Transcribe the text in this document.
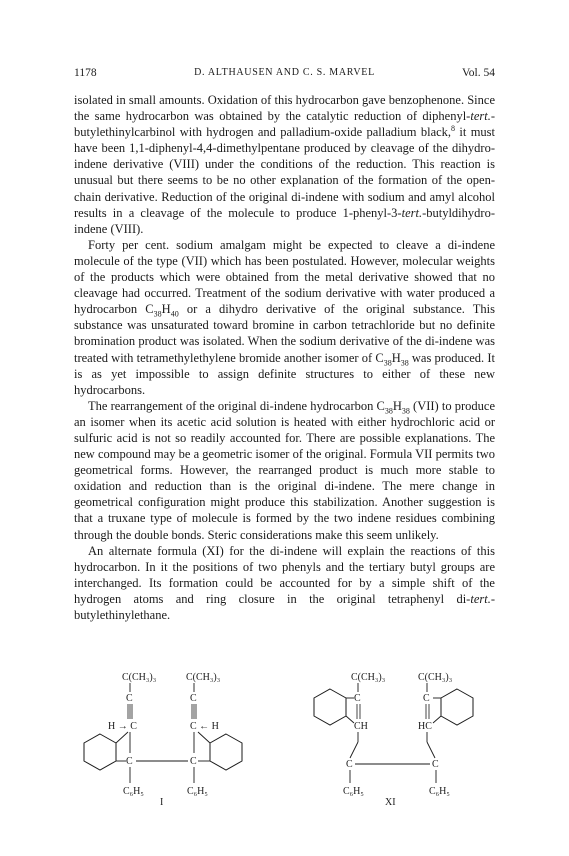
1178	D. ALTHAUSEN AND C. S. MARVEL	Vol. 54

isolated in small amounts. Oxidation of this hydrocarbon gave benzophenone. Since the same hydrocarbon was obtained by the catalytic reduction of diphenyl-tert.-butylethinylcarbinol with hydrogen and palladium-oxide palladium black,$^8$ it must have been 1,1-diphenyl-4,4-dimethylpentane produced by cleavage of the dihydro-indene derivative (VIII) under the conditions of the reduction. This reaction is unusual but there seems to be no other explanation of the formation of the open-chain derivative. Reduction of the original di-indene with sodium and amyl alcohol results in a cleavage of the molecule to produce 1-phenyl-3-tert.-butyldihydro-indene (VIII).

Forty per cent. sodium amalgam might be expected to cleave a di-indene molecule of the type (VII) which has been postulated. However, molecular weights of the products which were obtained from the metal derivative showed that no cleavage had occurred. Treatment of the sodium derivative with water produced a hydrocarbon $C_{38}H_{40}$ or a dihydro derivative of the original substance. This substance was unsaturated toward bromine in carbon tetrachloride but no definite bromination product was isolated. When the sodium derivative of the di-indene was treated with tetramethylethylene bromide another isomer of $C_{38}H_{38}$ was produced. It is as yet impossible to assign definite structures to either of these new hydrocarbons.

The rearrangement of the original di-indene hydrocarbon $C_{38}H_{38}$ (VII) to produce an isomer when its acetic acid solution is heated with either hydrochloric acid or sulfuric acid is not so readily accounted for. There are possible explanations. The new compound may be a geometric isomer of the original. Formula VII permits two geometrical forms. However, the rearranged product is much more stable to oxidation and reduction than is the original di-indene. The mere change in geometrical configuration might produce this stabilization. Another suggestion is that a truxane type of molecule is formed by the two indene residues combining through the double bonds. Steric considerations make this seem unlikely.

An alternate formula (XI) for the di-indene will explain the reactions of this hydrocarbon. In it the positions of two phenyls and the tertiary butyl groups are interchanged. Its formation could be accounted for by a simple shift of the hydrogen atoms and ring closure in the original tetraphenyl di-tert.-butylethinylethane.

C(CH₃)₃	C(CH₃)₃
C	C
H → C	C ← H
C	C
C₆H₅	C₆H₅
I
C(CH₃)₃	C(CH₃)₃
C	C
CH	HC
C	C
C₆H₅	C₆H₅
XI
